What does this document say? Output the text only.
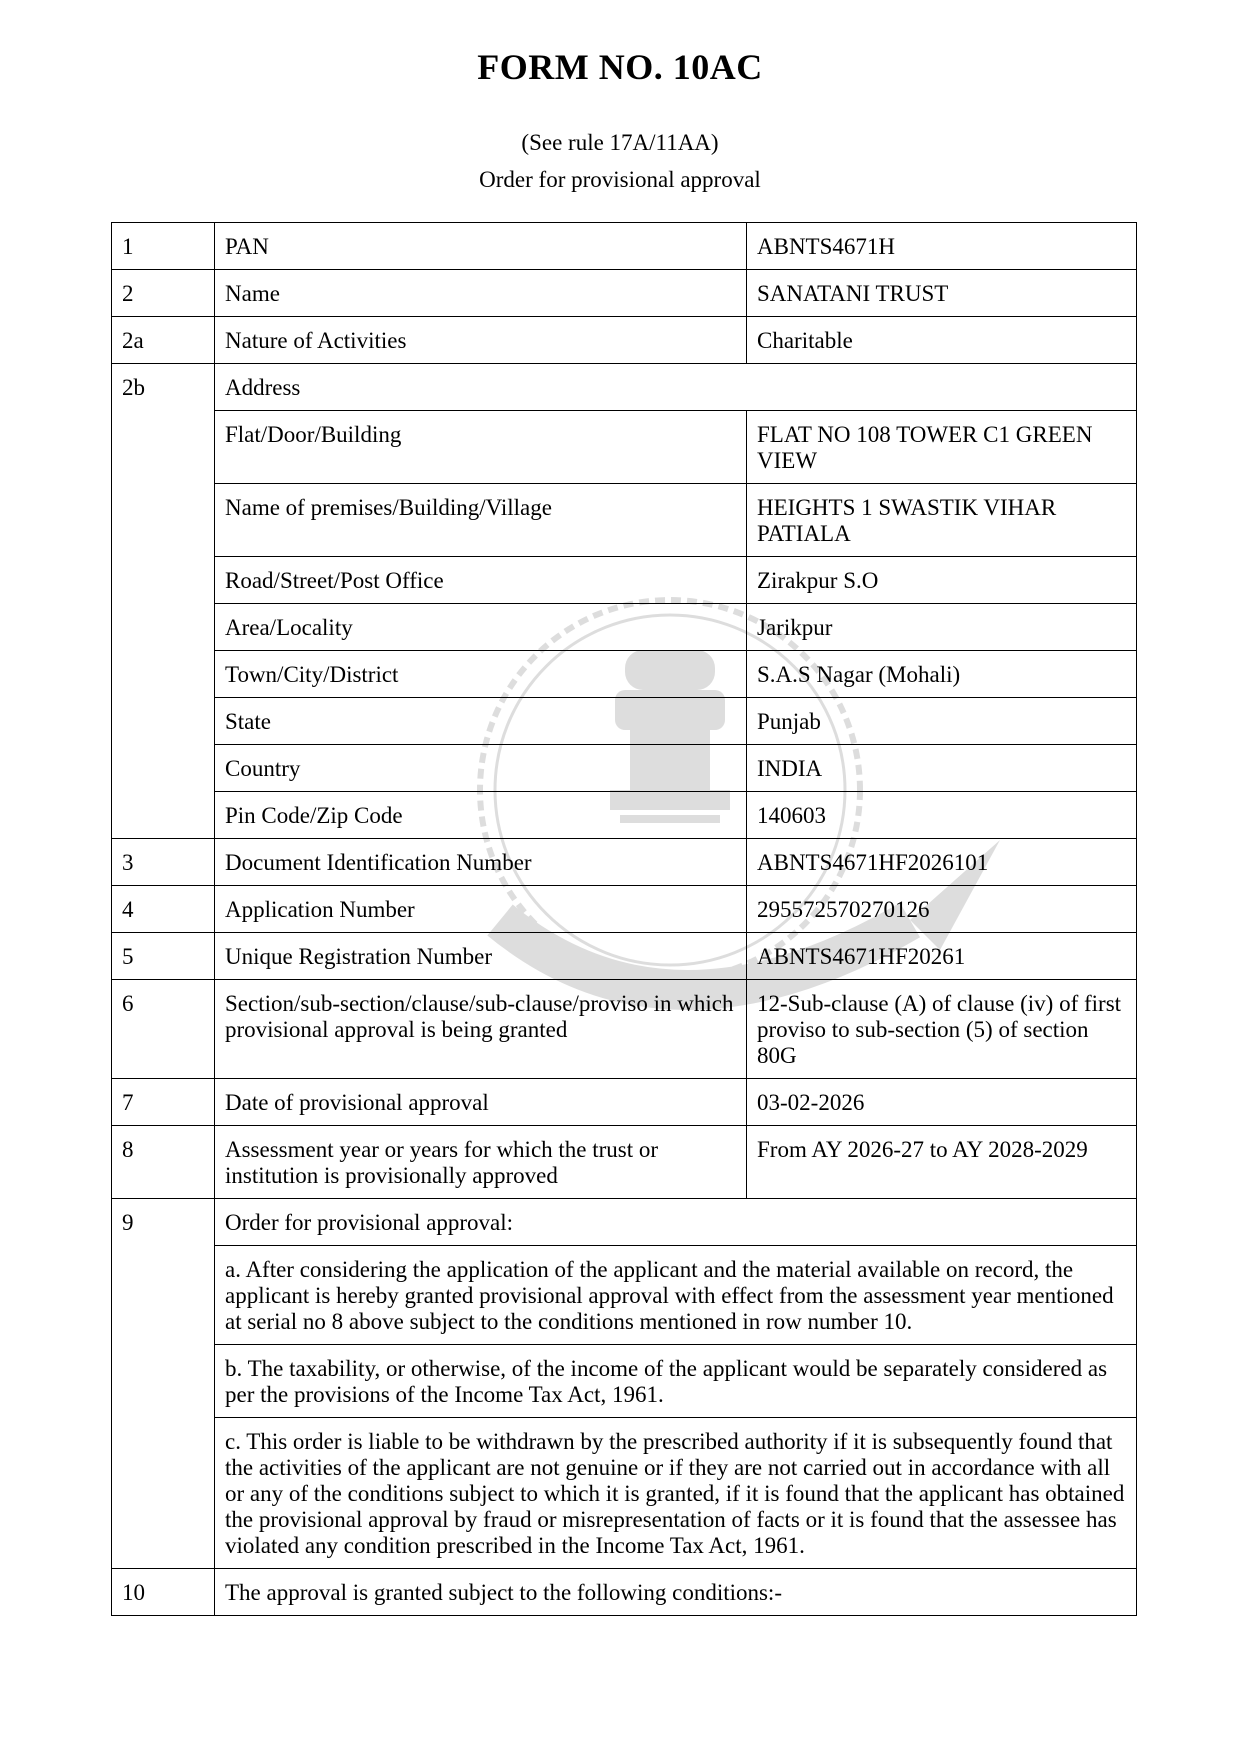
FORM NO. 10AC
(See rule 17A/11AA)
Order for provisional approval
1	PAN	ABNTS4671H
2	Name	SANATANI TRUST
2a	Nature of Activities	Charitable
2b	Address	
	Flat/Door/Building	FLAT NO 108 TOWER C1 GREEN VIEW
	Name of premises/Building/Village	HEIGHTS 1 SWASTIK VIHAR PATIALA
	Road/Street/Post Office	Zirakpur S.O
	Area/Locality	Jarikpur
	Town/City/District	S.A.S Nagar (Mohali)
	State	Punjab
	Country	INDIA
	Pin Code/Zip Code	140603
3	Document Identification Number	ABNTS4671HF2026101
4	Application Number	295572570270126
5	Unique Registration Number	ABNTS4671HF20261
6	Section/sub-section/clause/sub-clause/proviso in which provisional approval is being granted	12-Sub-clause (A) of clause (iv) of first proviso to sub-section (5) of section 80G
7	Date of provisional approval	03-02-2026
8	Assessment year or years for which the trust or institution is provisionally approved	From AY 2026-27 to AY 2028-2029
9	Order for provisional approval:	
	a. After considering the application of the applicant and the material available on record, the applicant is hereby granted provisional approval with effect from the assessment year mentioned at serial no 8 above subject to the conditions mentioned in row number 10.	
	b. The taxability, or otherwise, of the income of the applicant would be separately considered as per the provisions of the Income Tax Act, 1961.	
	c. This order is liable to be withdrawn by the prescribed authority if it is subsequently found that the activities of the applicant are not genuine or if they are not carried out in accordance with all or any of the conditions subject to which it is granted, if it is found that the applicant has obtained the provisional approval by fraud or misrepresentation of facts or it is found that the assessee has violated any condition prescribed in the Income Tax Act, 1961.	
10	The approval is granted subject to the following conditions:-	
